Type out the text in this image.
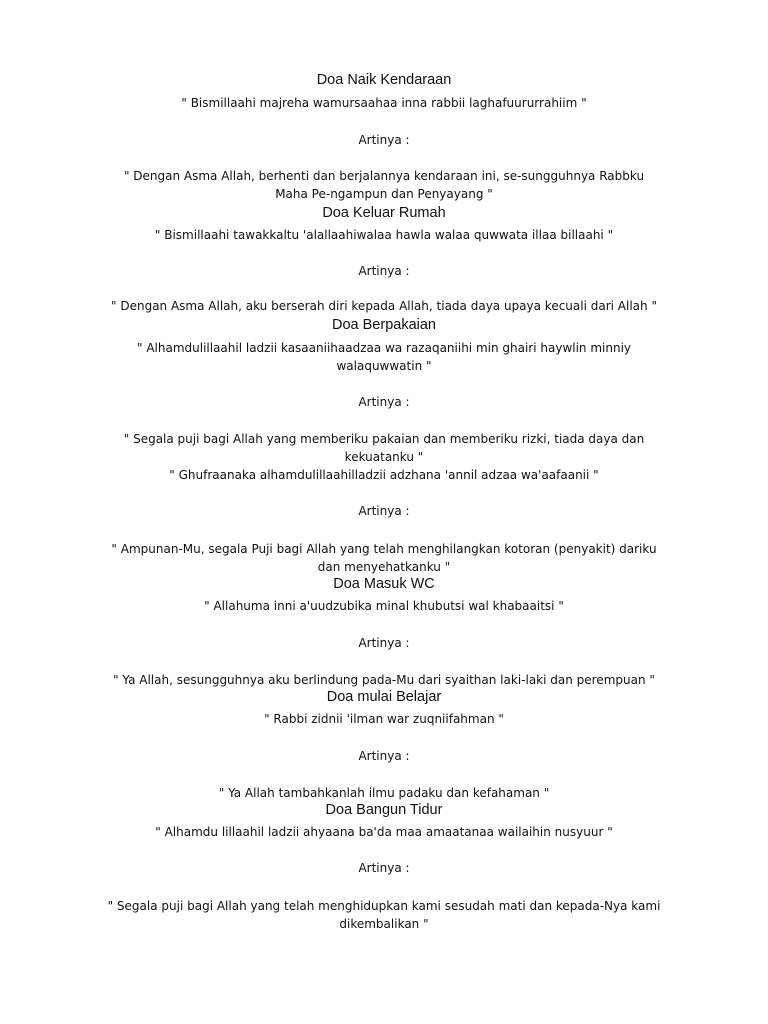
Doa Naik Kendaraan
" Bismillaahi majreha wamursaahaa inna rabbii laghafuururrahiim "
Artinya :
" Dengan Asma Allah, berhenti dan berjalannya kendaraan ini, se-sungguhnya Rabbku
Maha Pe-ngampun dan Penyayang "
Doa Keluar Rumah
" Bismillaahi tawakkaltu 'alallaahiwalaa hawla walaa quwwata illaa billaahi "
Artinya :
" Dengan Asma Allah, aku berserah diri kepada Allah, tiada daya upaya kecuali dari Allah "
Doa Berpakaian
" Alhamdulillaahil ladzii kasaaniihaadzaa wa razaqaniihi min ghairi haywlin minniy
walaquwwatin "
Artinya :
" Segala puji bagi Allah yang memberiku pakaian dan memberiku rizki, tiada daya dan
kekuatanku "
" Ghufraanaka alhamdulillaahilladzii adzhana 'annil adzaa wa'aafaanii "
Artinya :
" Ampunan-Mu, segala Puji bagi Allah yang telah menghilangkan kotoran (penyakit) dariku
dan menyehatkanku "
Doa Masuk WC
" Allahuma inni a'uudzubika minal khubutsi wal khabaaitsi "
Artinya :
" Ya Allah, sesungguhnya aku berlindung pada-Mu dari syaithan laki-laki dan perempuan "
Doa mulai Belajar
" Rabbi zidnii 'ilman war zuqniifahman "
Artinya :
" Ya Allah tambahkanlah ilmu padaku dan kefahaman "
Doa Bangun Tidur
" Alhamdu lillaahil ladzii ahyaana ba'da maa amaatanaa wailaihin nusyuur "
Artinya :
" Segala puji bagi Allah yang telah menghidupkan kami sesudah mati dan kepada-Nya kami
dikembalikan "
